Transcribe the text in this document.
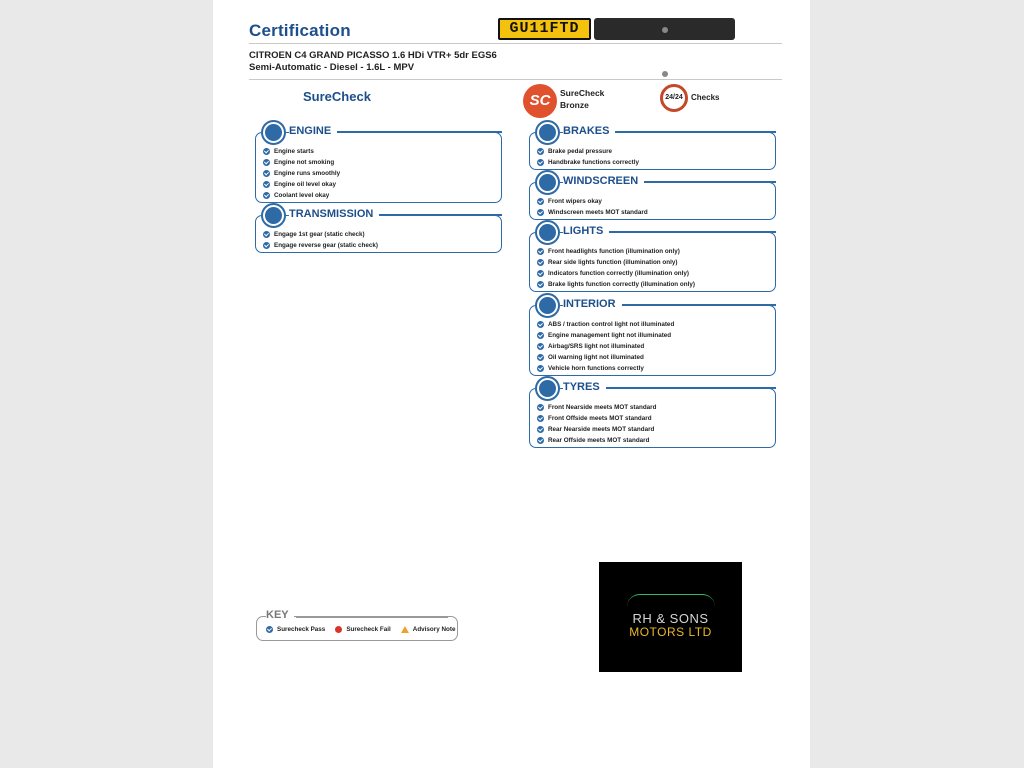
Certification	GU11FTD
VF7UA9HR8BJ577959
CITROEN C4 GRAND PICASSO 1.6 HDi VTR+ 5dr EGS6
Semi-Automatic - Diesel - 1.6L - MPV
SureCheck	SC	SureCheck
Bronze
24/24	Checks
ENGINE
Engine starts
Engine not smoking
Engine runs smoothly
Engine oil level okay
Coolant level okay
TRANSMISSION
Engage 1st gear (static check)
Engage reverse gear (static check)
BRAKES
Brake pedal pressure
Handbrake functions correctly
WINDSCREEN
Front wipers okay
Windscreen meets MOT standard
LIGHTS
Front headlights function (illumination only)
Rear side lights function (illumination only)
Indicators function correctly (illumination only)
Brake lights function correctly (illumination only)
INTERIOR
ABS / traction control light not illuminated
Engine management light not illuminated
Airbag/SRS light not illuminated
Oil warning light not illuminated
Vehicle horn functions correctly
TYRES
Front Nearside meets MOT standard
Front Offside meets MOT standard
Rear Nearside meets MOT standard
Rear Offside meets MOT standard
KEY
Surecheck Pass	Surecheck Fail	Advisory Note
RH & SONS
MOTORS LTD
